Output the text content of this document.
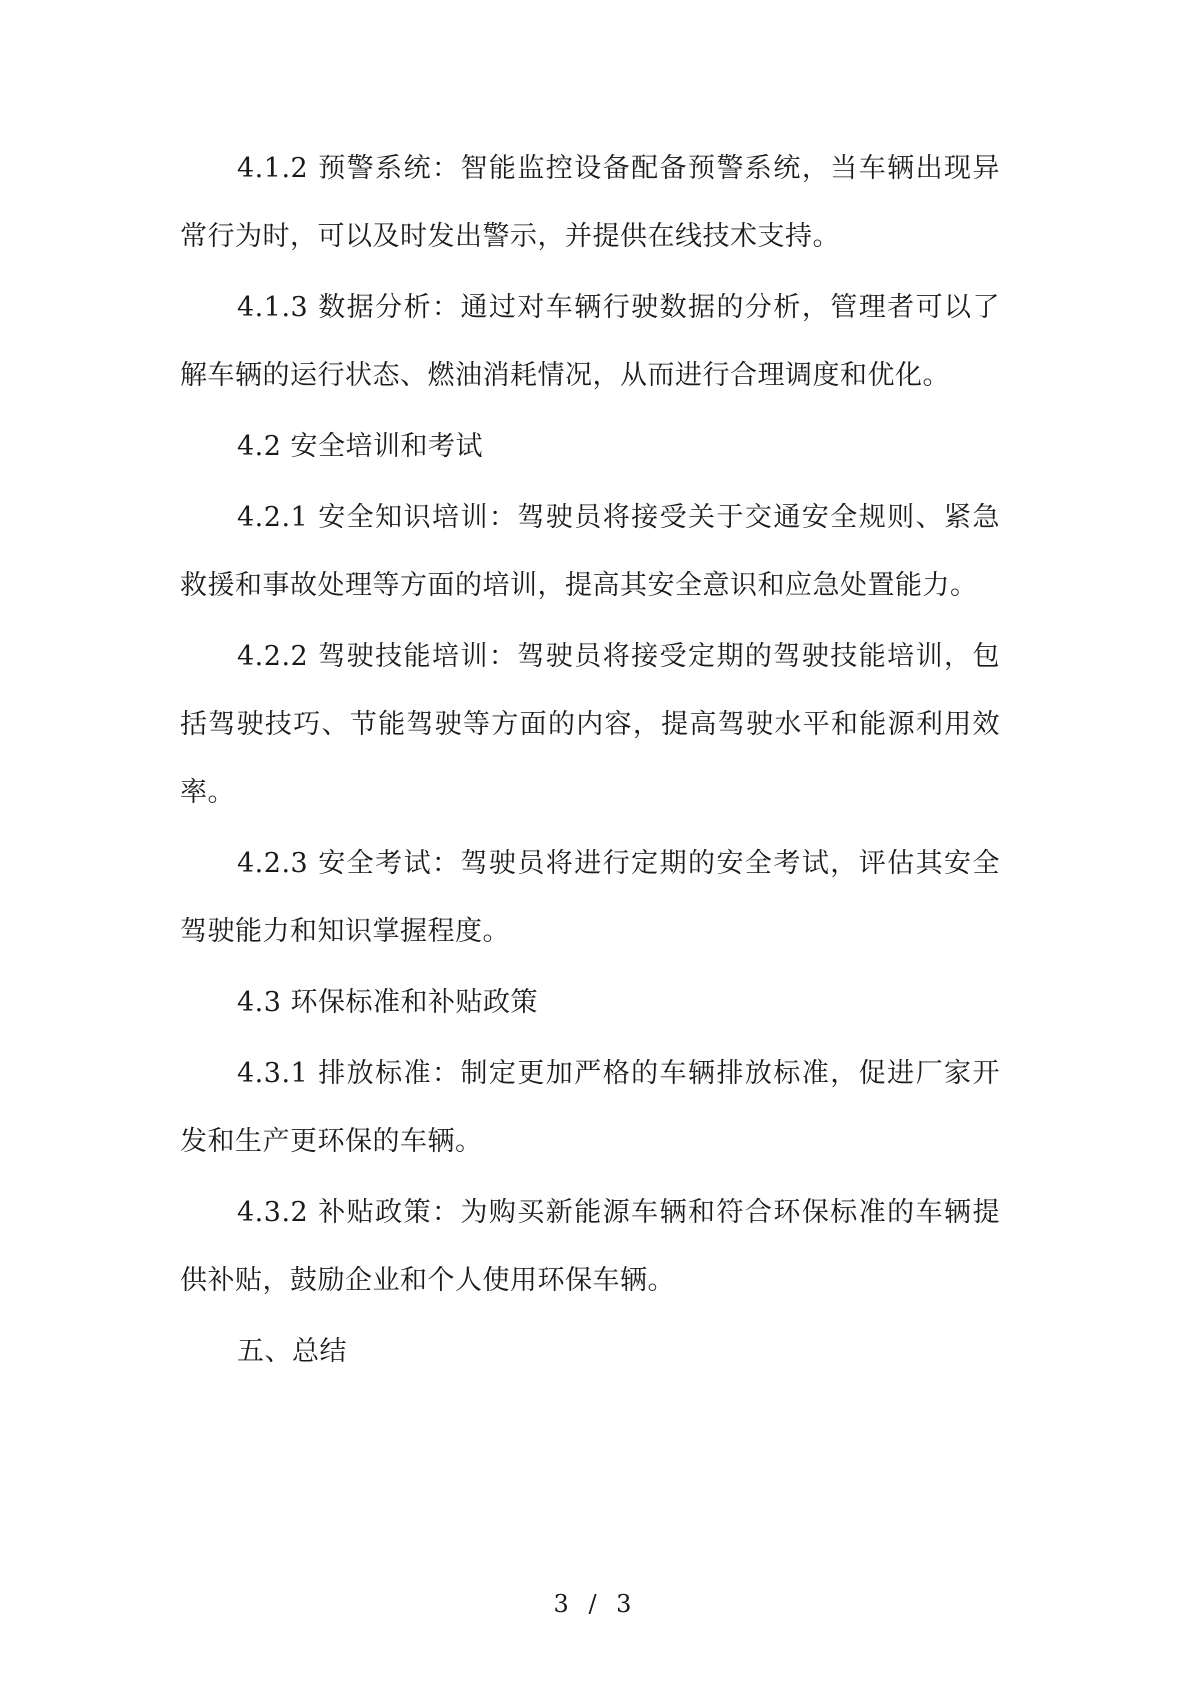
4.1.2 预警系统：智能监控设备配备预警系统，当车辆出现异常行为时，可以及时发出警示，并提供在线技术支持。

4.1.3 数据分析：通过对车辆行驶数据的分析，管理者可以了解车辆的运行状态、燃油消耗情况，从而进行合理调度和优化。

4.2 安全培训和考试

4.2.1 安全知识培训：驾驶员将接受关于交通安全规则、紧急救援和事故处理等方面的培训，提高其安全意识和应急处置能力。

4.2.2 驾驶技能培训：驾驶员将接受定期的驾驶技能培训，包括驾驶技巧、节能驾驶等方面的内容，提高驾驶水平和能源利用效率。

4.2.3 安全考试：驾驶员将进行定期的安全考试，评估其安全驾驶能力和知识掌握程度。

4.3 环保标准和补贴政策

4.3.1 排放标准：制定更加严格的车辆排放标准，促进厂家开发和生产更环保的车辆。

4.3.2 补贴政策：为购买新能源车辆和符合环保标准的车辆提供补贴，鼓励企业和个人使用环保车辆。

五、总结

3 / 3
